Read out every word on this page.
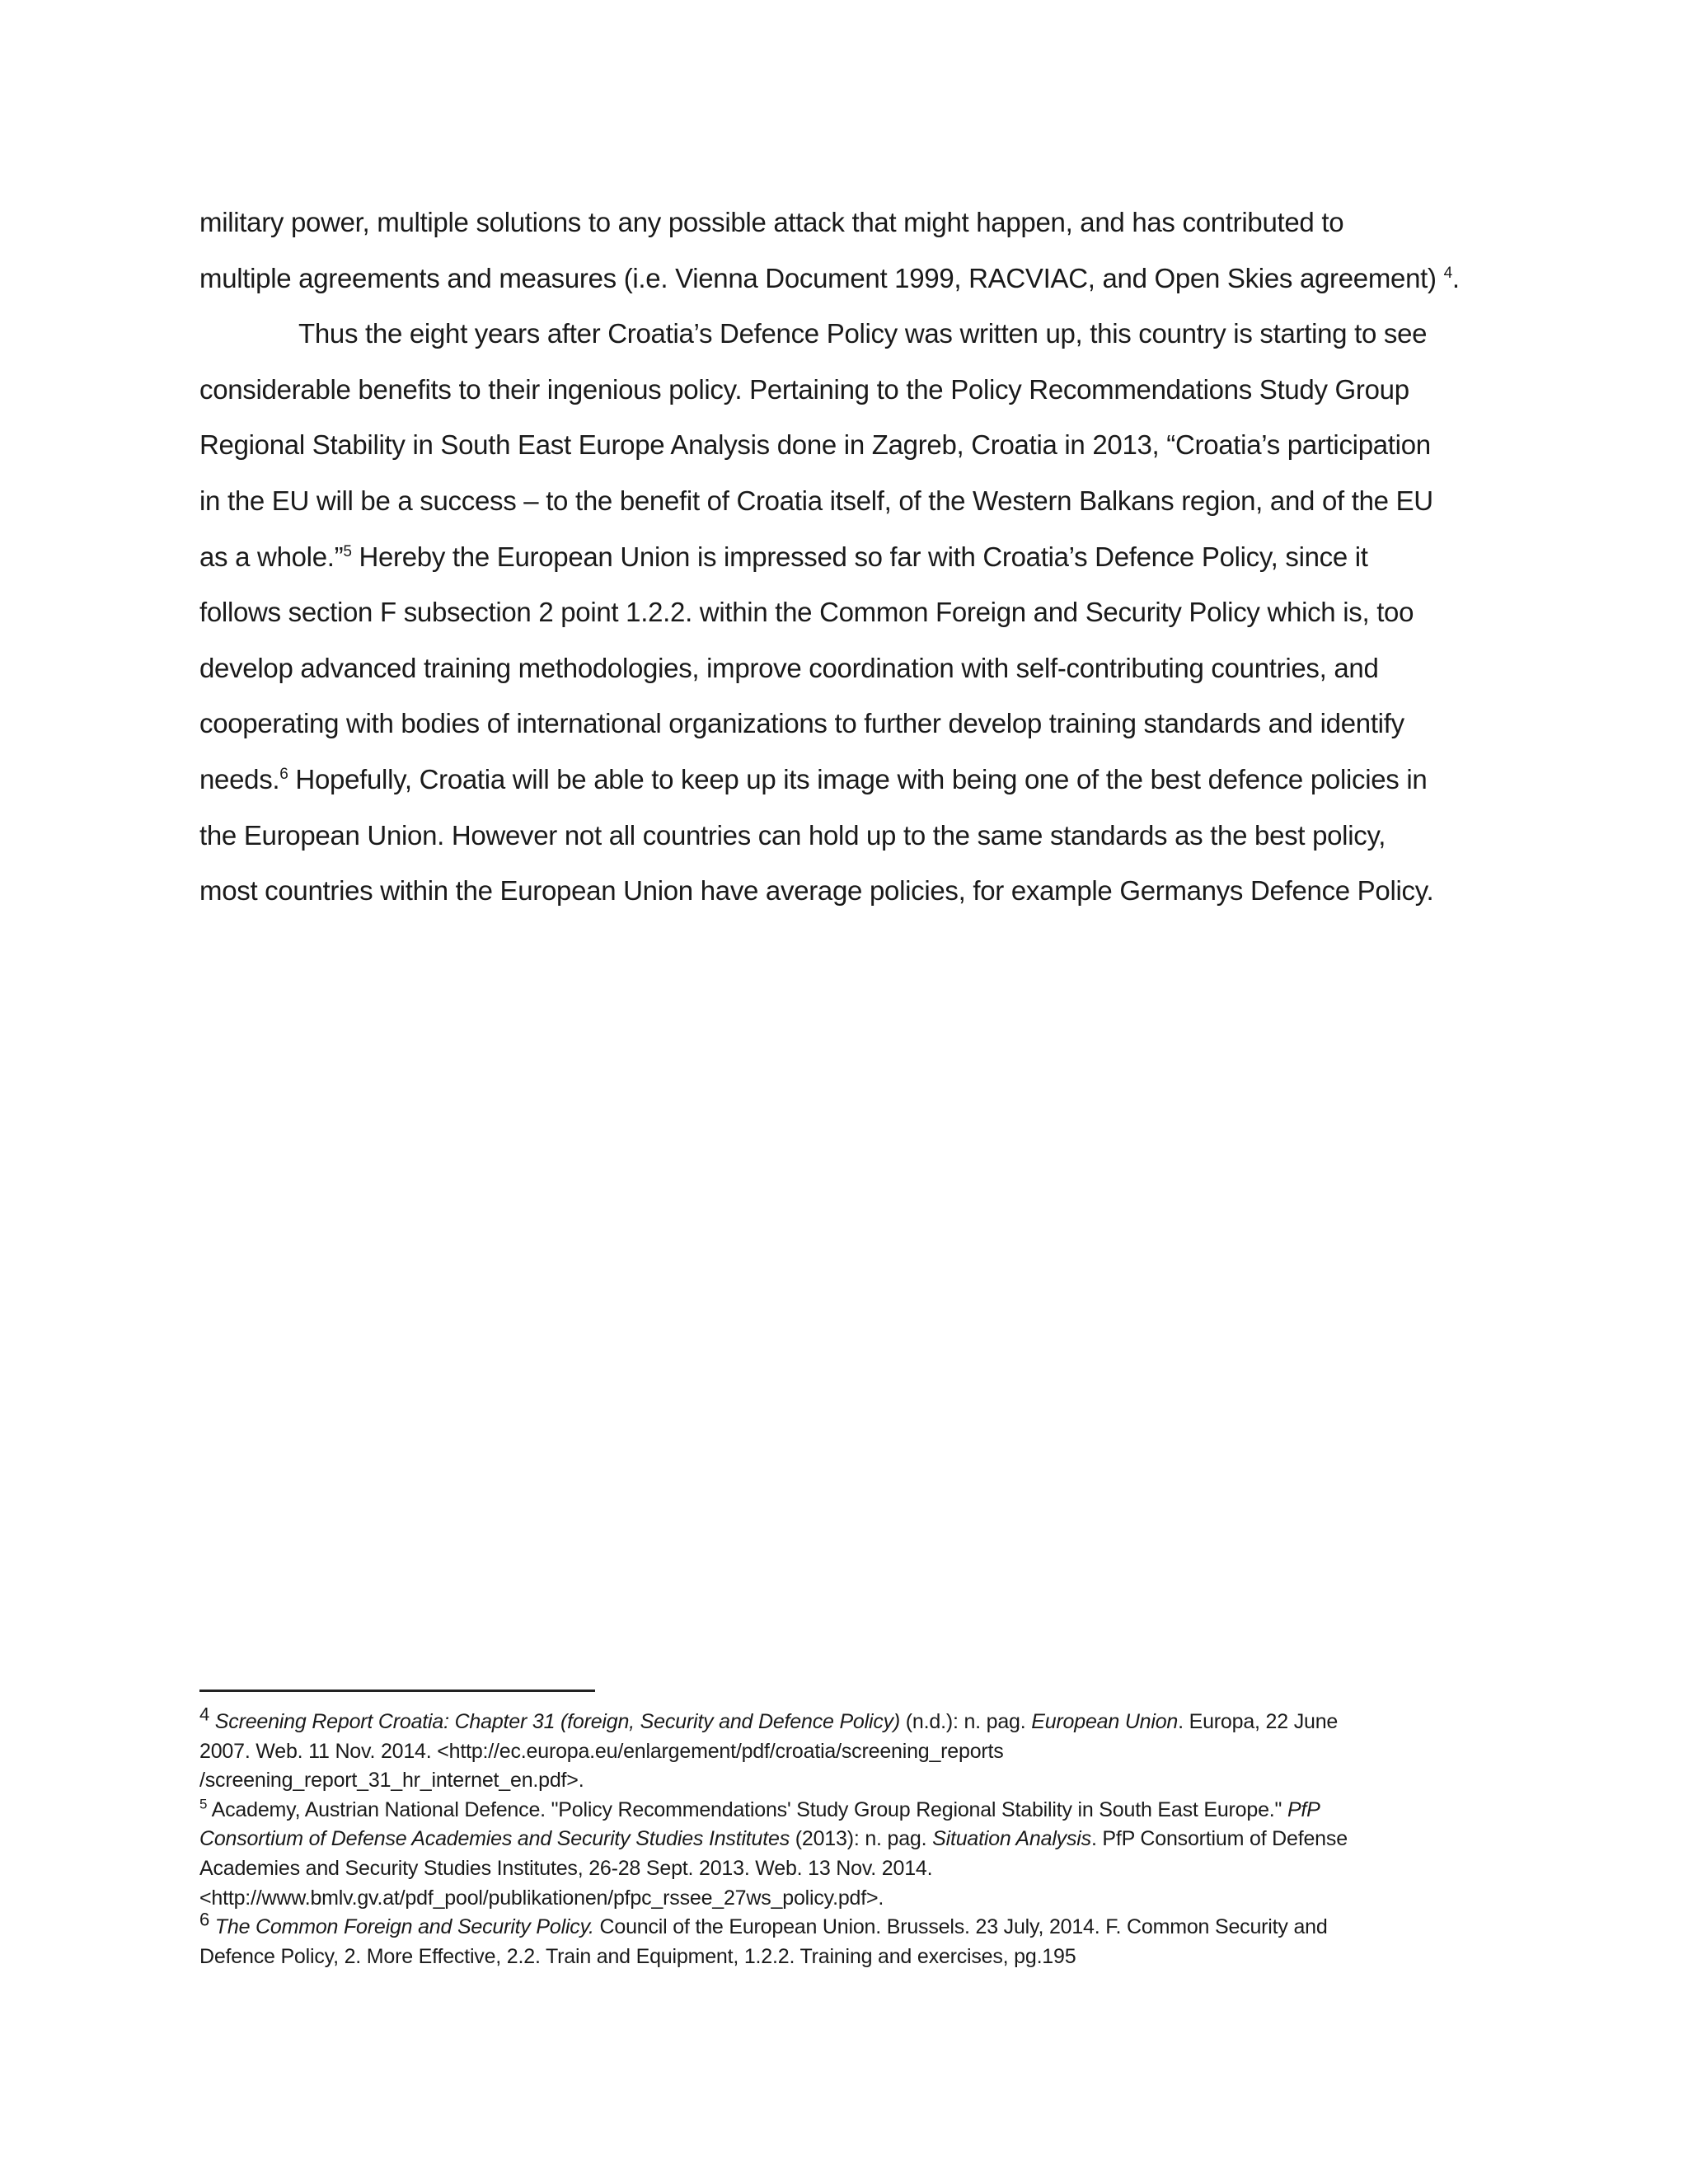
military power, multiple solutions to any possible attack that might happen, and has contributed to
multiple agreements and measures (i.e. Vienna Document 1999, RACVIAC, and Open Skies agreement) $^4$.
Thus the eight years after Croatia’s Defence Policy was written up, this country is starting to see
considerable benefits to their ingenious policy. Pertaining to the Policy Recommendations Study Group
Regional Stability in South East Europe Analysis done in Zagreb, Croatia in 2013, “Croatia’s participation
in the EU will be a success – to the benefit of Croatia itself, of the Western Balkans region, and of the EU
as a whole.”$^5$ Hereby the European Union is impressed so far with Croatia’s Defence Policy, since it
follows section F subsection 2 point 1.2.2. within the Common Foreign and Security Policy which is, too
develop advanced training methodologies, improve coordination with self-contributing countries, and
cooperating with bodies of international organizations to further develop training standards and identify
needs.$^6$ Hopefully, Croatia will be able to keep up its image with being one of the best defence policies in
the European Union. However not all countries can hold up to the same standards as the best policy,
most countries within the European Union have average policies, for example Germanys Defence Policy.
$^4$ Screening Report Croatia: Chapter 31 (foreign, Security and Defence Policy) (n.d.): n. pag. European Union. Europa, 22 June
2007. Web. 11 Nov. 2014. <http://ec.europa.eu/enlargement/pdf/croatia/screening_reports
/screening_report_31_hr_internet_en.pdf>.
$^5$ Academy, Austrian National Defence. "Policy Recommendations' Study Group Regional Stability in South East Europe." PfP
Consortium of Defense Academies and Security Studies Institutes (2013): n. pag. Situation Analysis. PfP Consortium of Defense
Academies and Security Studies Institutes, 26-28 Sept. 2013. Web. 13 Nov. 2014.
<http://www.bmlv.gv.at/pdf_pool/publikationen/pfpc_rssee_27ws_policy.pdf>.
$^6$ The Common Foreign and Security Policy. Council of the European Union. Brussels. 23 July, 2014. F. Common Security and
Defence Policy, 2. More Effective, 2.2. Train and Equipment, 1.2.2. Training and exercises, pg.195
